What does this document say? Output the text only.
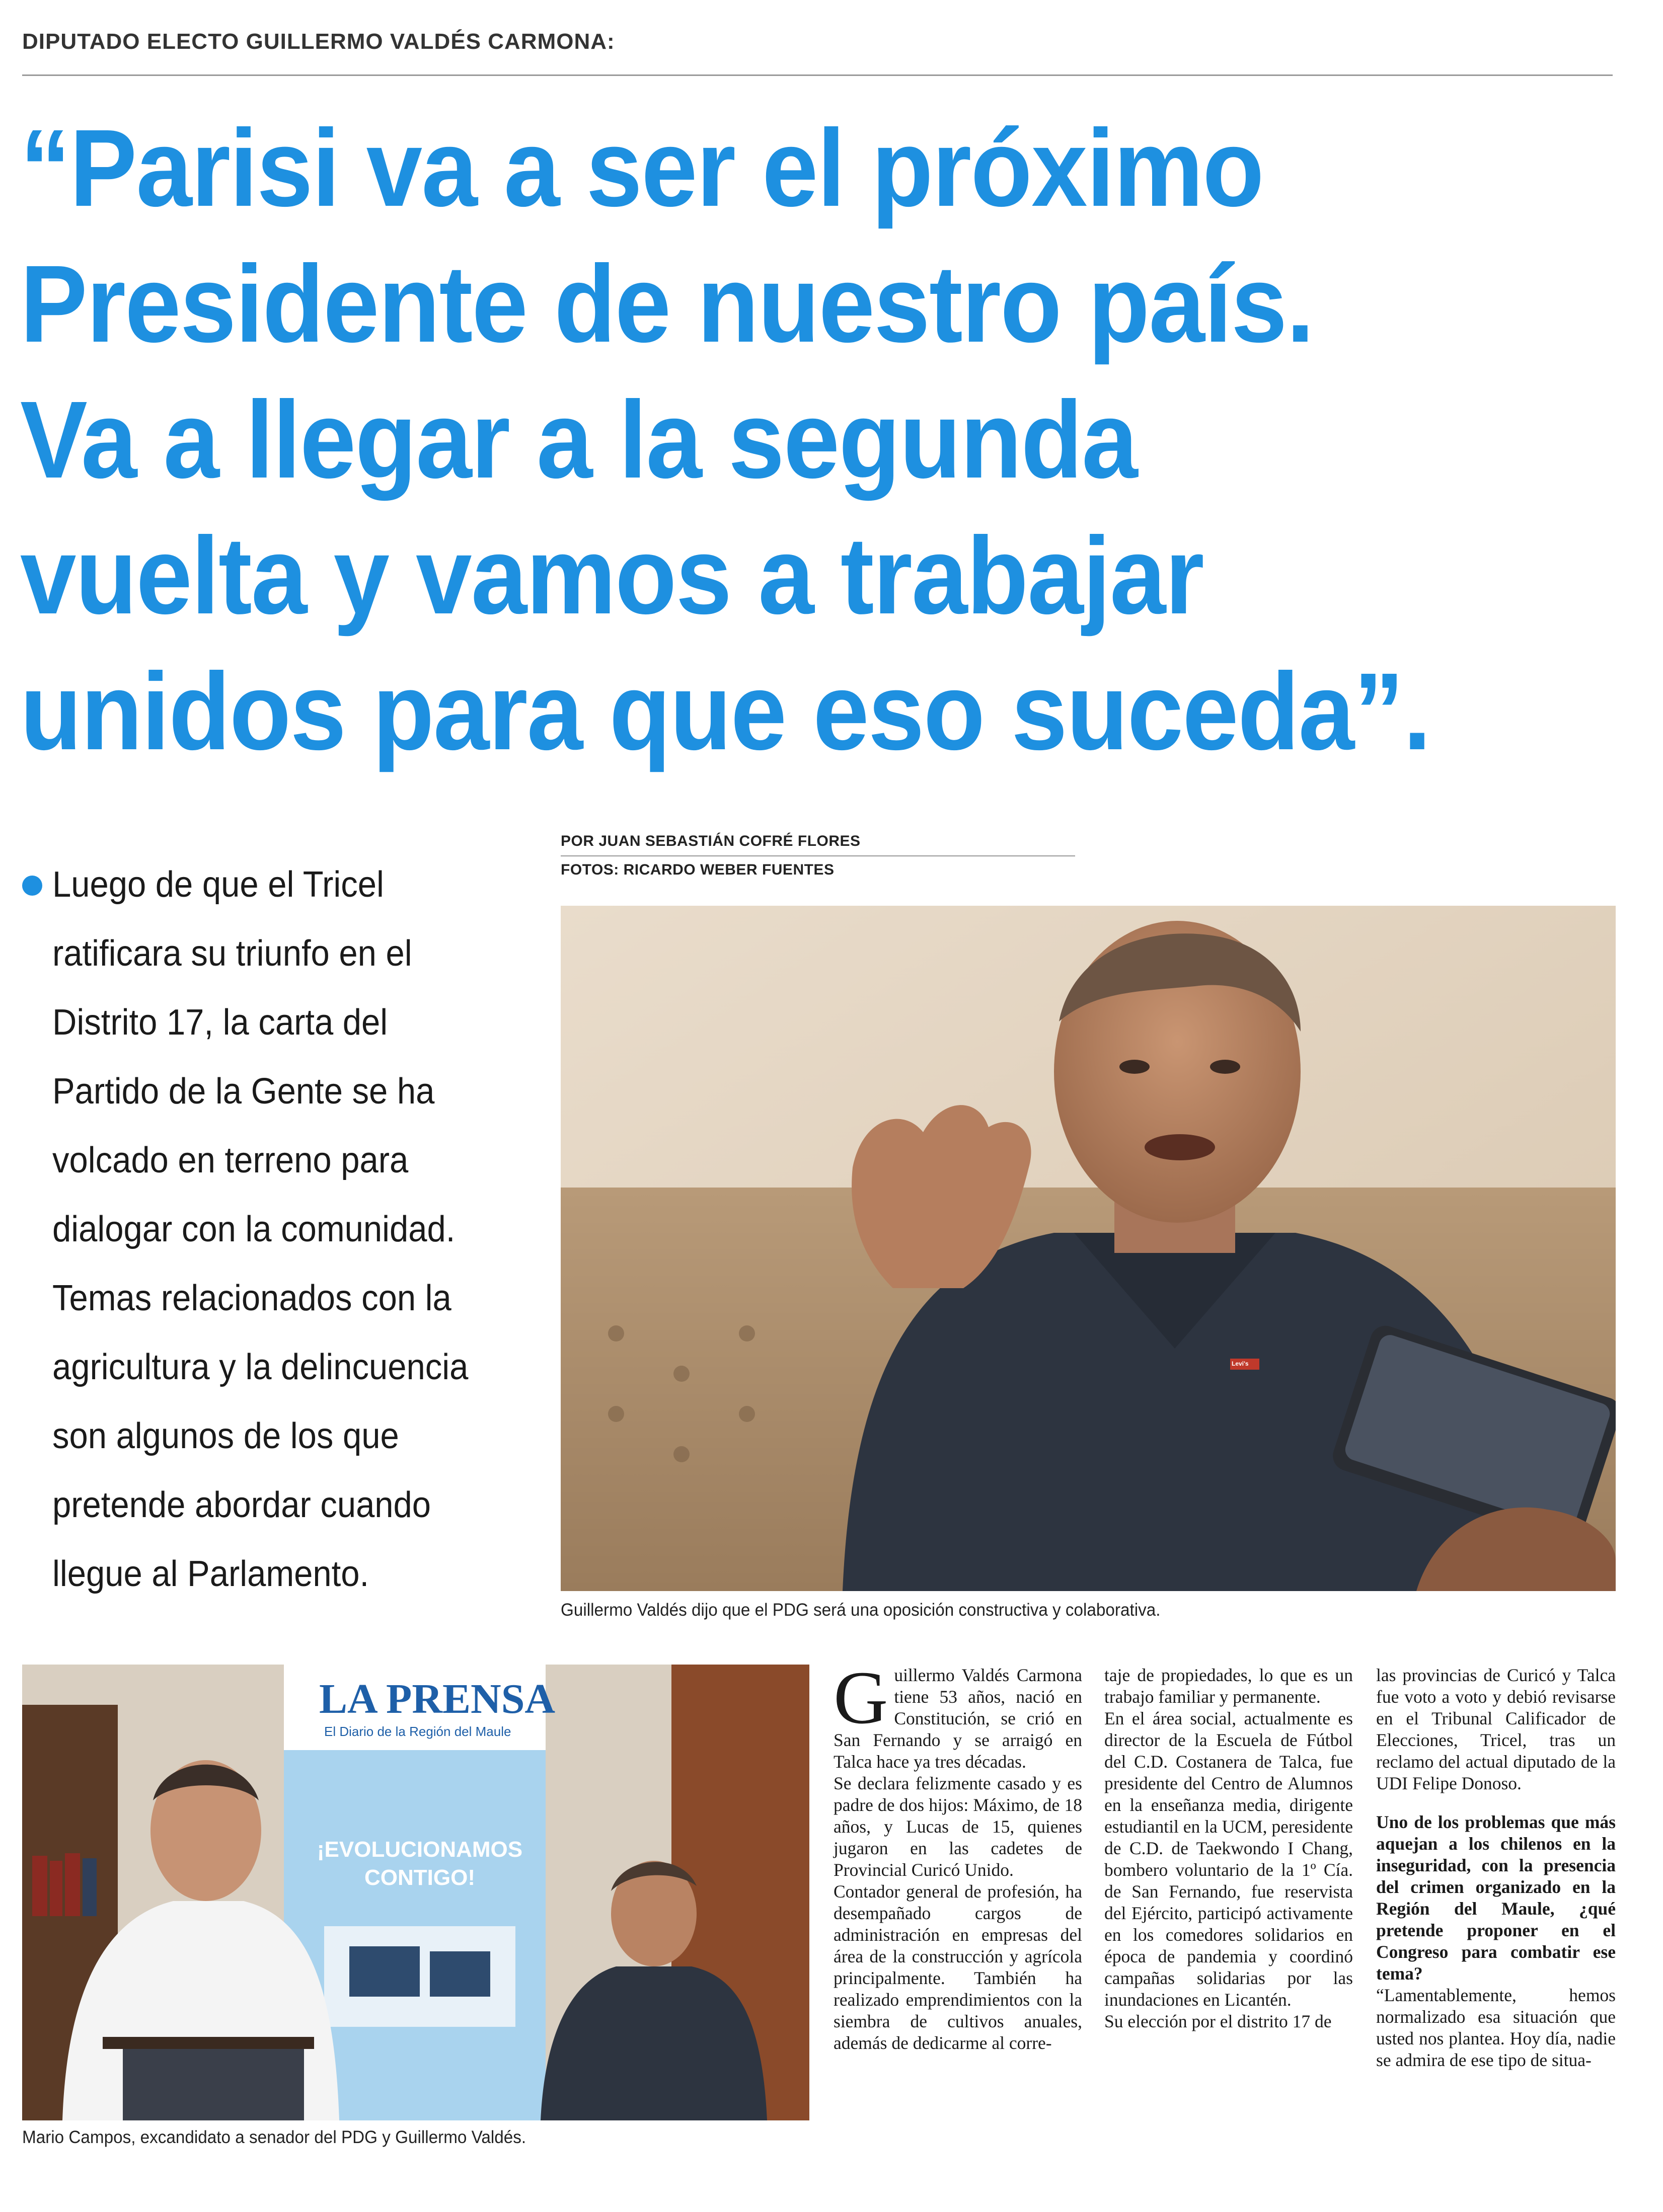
DIPUTADO ELECTO GUILLERMO VALDÉS CARMONA:
“Parisi va a ser el próximo
Presidente de nuestro país.
Va a llegar a la segunda
vuelta y vamos a trabajar
unidos para que eso suceda”.

Luego de que el Tricel ratificara su triunfo en el Distrito 17, la carta del Partido de la Gente se ha volcado en terreno para dialogar con la comunidad.

Temas relacionados con la agricultura y la delincuencia son algunos de los que pretende abordar cuando llegue al Parlamento.

POR JUAN SEBASTIÁN COFRÉ FLORES
FOTOS: RICARDO WEBER FUENTES
Levi's
Guillermo Valdés dijo que el PDG será una oposición constructiva y colaborativa.
LA PRENSA
El Diario de la Región del Maule
¡EVOLUCIONAMOS CONTIGO!
Mario Campos, excandidato a senador del PDG y Guillermo Valdés.
G uillermo Valdés Carmona tiene 53 años, nació en Constitución, se crió en San Fernando y se arraigó en Talca hace ya tres décadas.

Se declara felizmente casado y es padre de dos hijos: Máximo, de 18 años, y Lucas de 15, quienes jugaron en las cadetes de Provincial Curicó Unido.

Contador general de profesión, ha desempañado cargos de administración en empresas del área de la construcción y agrícola principalmente. También ha realizado emprendimientos con la siembra de cultivos anuales, además de dedicarme al corre-

taje de propiedades, lo que es un trabajo familiar y permanente.

En el área social, actualmente es director de la Escuela de Fútbol del C.D. Costanera de Talca, fue presidente del Centro de Alumnos en la enseñanza media, dirigente estudiantil en la UCM, peresidente de C.D. de Taekwondo I Chang, bombero voluntario de la 1º Cía. de San Fernando, fue reservista del Ejército, participó activamente en los comedores solidarios en época de pandemia y coordinó campañas solidarias por las inundaciones en Licantén.

Su elección por el distrito 17 de

las provincias de Curicó y Talca fue voto a voto y debió revisarse en el Tribunal Calificador de Elecciones, Tricel, tras un reclamo del actual diputado de la UDI Felipe Donoso.

Uno de los problemas que más aquejan a los chilenos en la inseguridad, con la presencia del crimen organizado en la Región del Maule, ¿qué pretende proponer en el Congreso para combatir ese tema?

“Lamentablemente, hemos normalizado esa situación que usted nos plantea. Hoy día, nadie se admira de ese tipo de situa-
